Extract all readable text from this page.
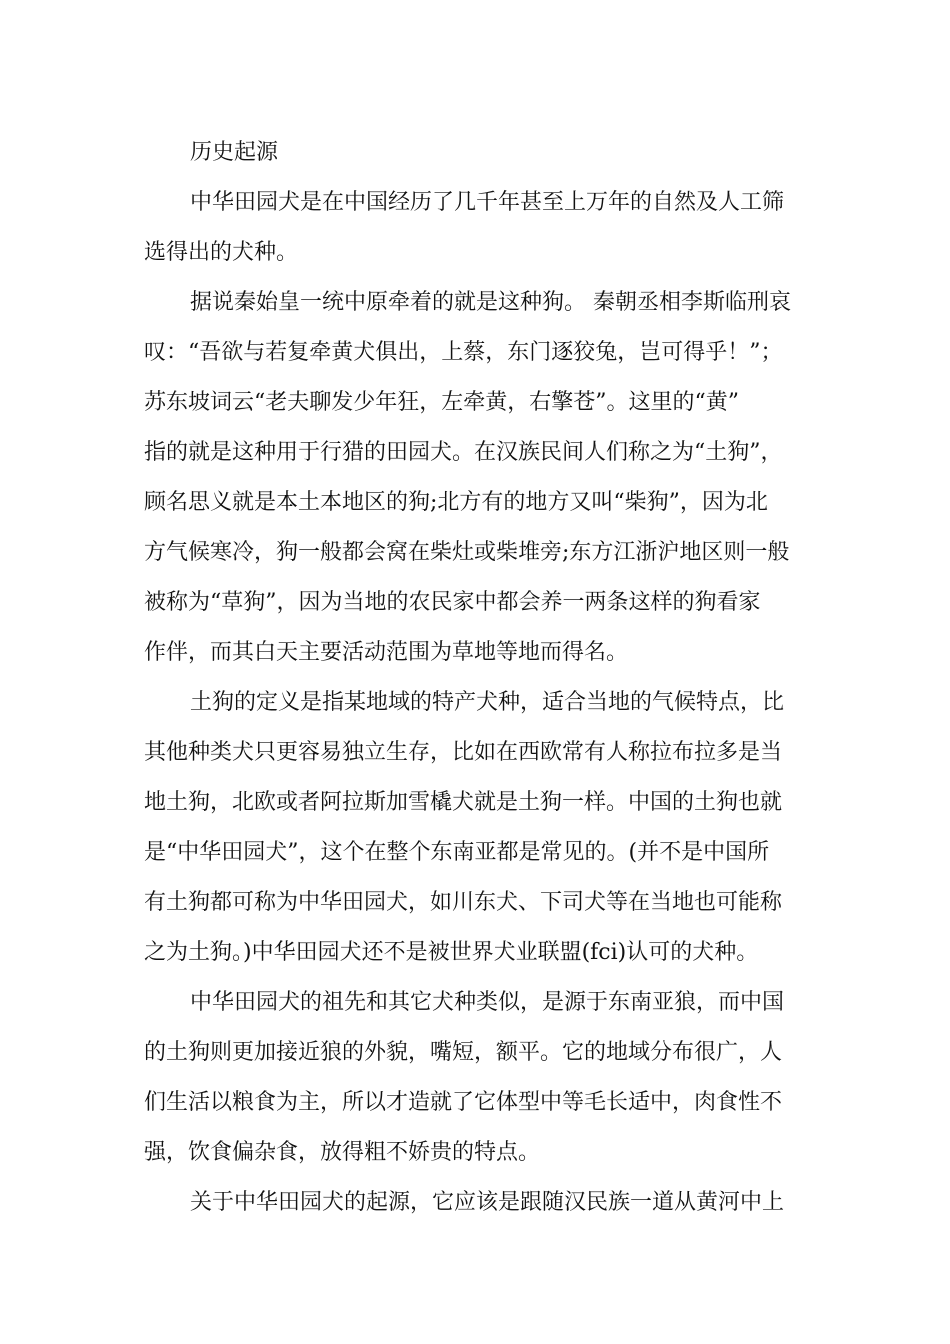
历史起源
中华田园犬是在中国经历了几千年甚至上万年的自然及人工筛
选得出的犬种。
据说秦始皇一统中原牵着的就是这种狗。 秦朝丞相李斯临刑哀
叹：“吾欲与若复牵黄犬俱出，上蔡，东门逐狡兔，岂可得乎！”；
苏东坡词云“老夫聊发少年狂，左牵黄，右擎苍”。这里的“黄”
指的就是这种用于行猎的田园犬。在汉族民间人们称之为“土狗”，
顾名思义就是本土本地区的狗;北方有的地方又叫“柴狗”，因为北
方气候寒冷，狗一般都会窝在柴灶或柴堆旁;东方江浙沪地区则一般
被称为“草狗”，因为当地的农民家中都会养一两条这样的狗看家
作伴，而其白天主要活动范围为草地等地而得名。
土狗的定义是指某地域的特产犬种，适合当地的气候特点，比
其他种类犬只更容易独立生存，比如在西欧常有人称拉布拉多是当
地土狗，北欧或者阿拉斯加雪橇犬就是土狗一样。中国的土狗也就
是“中华田园犬”，这个在整个东南亚都是常见的。(并不是中国所
有土狗都可称为中华田园犬，如川东犬、下司犬等在当地也可能称
之为土狗。)中华田园犬还不是被世界犬业联盟(fci)认可的犬种。
中华田园犬的祖先和其它犬种类似，是源于东南亚狼，而中国
的土狗则更加接近狼的外貌，嘴短，额平。它的地域分布很广，人
们生活以粮食为主，所以才造就了它体型中等毛长适中，肉食性不
强，饮食偏杂食，放得粗不娇贵的特点。
关于中华田园犬的起源，它应该是跟随汉民族一道从黄河中上
